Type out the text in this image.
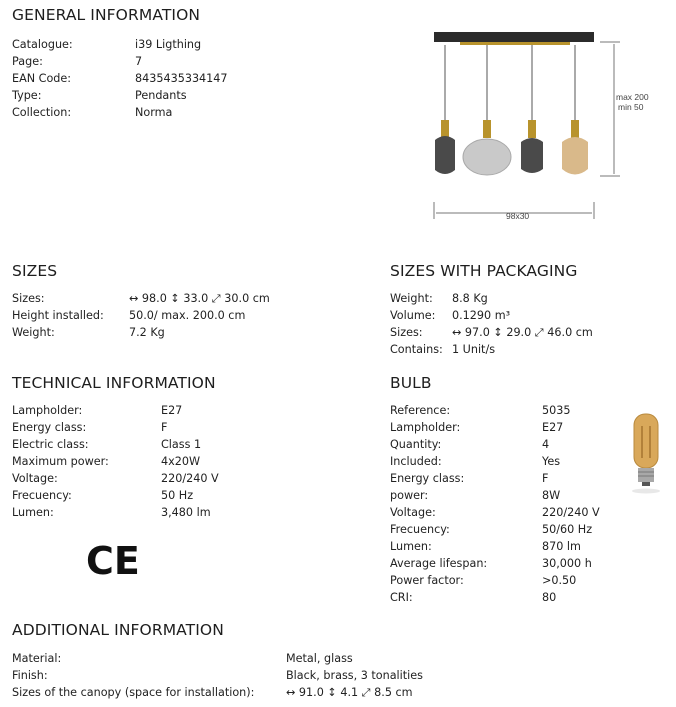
GENERAL INFORMATION
Catalogue:	i39 Ligthing
Page:	7
EAN Code:	8435435334147
Type:	Pendants
Collection:	Norma
max 200
min 50
98x30
SIZES
Sizes:	↔ 98.0 ↕ 33.0 ⤢ 30.0 cm
Height installed: 50.0/ max. 200.0 cm
Weight:	7.2 Kg
SIZES WITH PACKAGING
Weight: 8.8 Kg
Volume: 0.1290 m³
Sizes:	↔ 97.0 ↕ 29.0 ⤢ 46.0 cm
Contains: 1 Unit/s
TECHNICAL INFORMATION
Lampholder:	E27
Energy class:	F
Electric class:	Class 1
Maximum power:	4x20W
Voltage:	220/240 V
Frecuency:	50 Hz
Lumen:	3,480 lm
CE
BULB
Reference:	5035
Lampholder:	E27
Quantity:	4
Included:	Yes
Energy class:	F
power:	8W
Voltage:	220/240 V
Frecuency:	50/60 Hz
Lumen:	870 lm
Average lifespan:	30,000 h
Power factor:	>0.50
CRI:	80
ADDITIONAL INFORMATION
Material:	Metal, glass
Finish:	Black, brass, 3 tonalities
Sizes of the canopy (space for installation):	↔ 91.0 ↕ 4.1 ⤢ 8.5 cm
